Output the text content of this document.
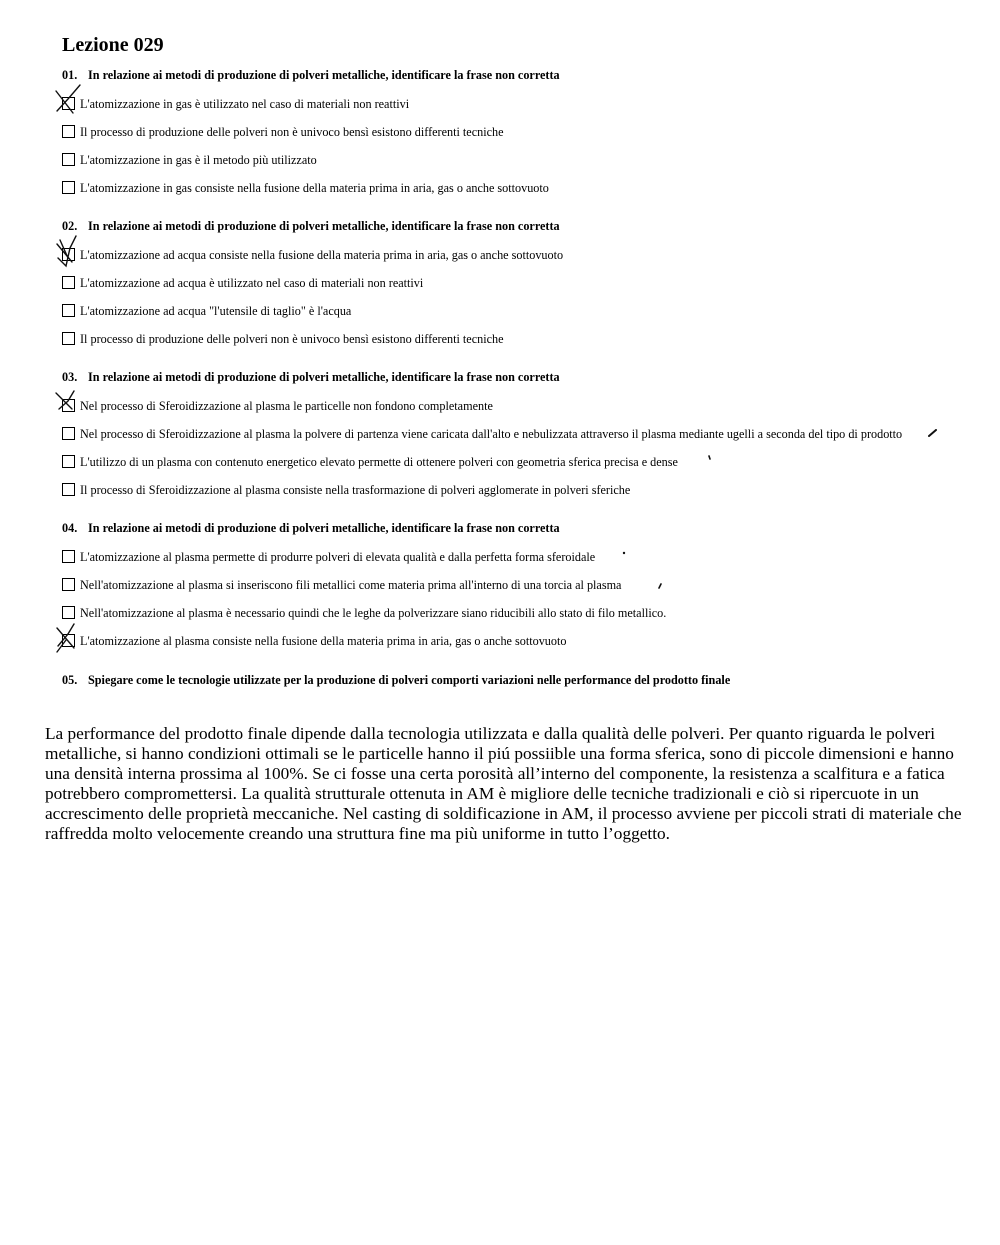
Lezione 029
01. In relazione ai metodi di produzione di polveri metalliche, identificare la frase non corretta
L'atomizzazione in gas è utilizzato nel caso di materiali non reattivi
Il processo di produzione delle polveri non è univoco bensì esistono differenti tecniche
L'atomizzazione in gas è il metodo più utilizzato
L'atomizzazione in gas consiste nella fusione della materia prima in aria, gas o anche sottovuoto
02. In relazione ai metodi di produzione di polveri metalliche, identificare la frase non corretta
L'atomizzazione ad acqua consiste nella fusione della materia prima in aria, gas o anche sottovuoto
L'atomizzazione ad acqua è utilizzato nel caso di materiali non reattivi
L'atomizzazione ad acqua "l'utensile di taglio" è l'acqua
Il processo di produzione delle polveri non è univoco bensì esistono differenti tecniche
03. In relazione ai metodi di produzione di polveri metalliche, identificare la frase non corretta
Nel processo di Sferoidizzazione al plasma le particelle non fondono completamente
Nel processo di Sferoidizzazione al plasma la polvere di partenza viene caricata dall'alto e nebulizzata attraverso il plasma mediante ugelli a seconda del tipo di prodotto
L'utilizzo di un plasma con contenuto energetico elevato permette di ottenere polveri con geometria sferica precisa e dense
Il processo di Sferoidizzazione al plasma consiste nella trasformazione di polveri agglomerate in polveri sferiche
04. In relazione ai metodi di produzione di polveri metalliche, identificare la frase non corretta
L'atomizzazione al plasma permette di produrre polveri di elevata qualità e dalla perfetta forma sferoidale
Nell'atomizzazione al plasma si inseriscono fili metallici come materia prima all'interno di una torcia al plasma
Nell'atomizzazione al plasma è necessario quindi che le leghe da polverizzare siano riducibili allo stato di filo metallico.
L'atomizzazione al plasma consiste nella fusione della materia prima in aria, gas o anche sottovuoto
05. Spiegare come le tecnologie utilizzate per la produzione di polveri comporti variazioni nelle performance del prodotto finale

La performance del prodotto finale dipende dalla tecnologia utilizzata e dalla qualità delle polveri. Per quanto riguarda le polveri metalliche, si hanno condizioni ottimali se le particelle hanno il piú possiible una forma sferica, sono di piccole dimensioni e hanno una densità interna prossima al 100%. Se ci fosse una certa porosità all’interno del componente, la resistenza a scalfitura e a fatica potrebbero compromettersi. La qualità strutturale ottenuta in AM è migliore delle tecniche tradizionali e ciò si ripercuote in un accrescimento delle proprietà meccaniche. Nel casting di soldificazione in AM, il processo avviene per piccoli strati di materiale che raffredda molto velocemente creando una struttura fine ma più uniforme in tutto l’oggetto.
